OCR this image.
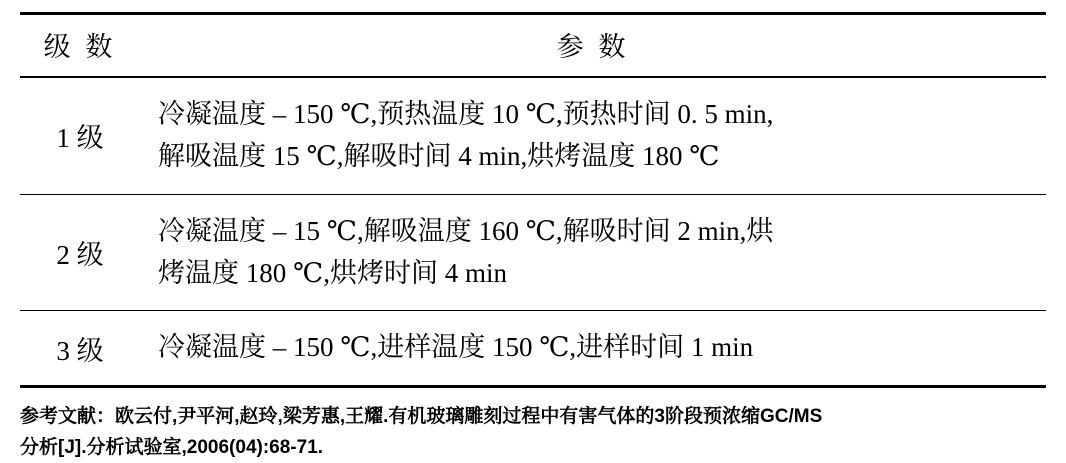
级 数	参 数
1 级	冷凝温度 – 150 ℃,预热温度 10 ℃,预热时间 0. 5 min,
解吸温度 15 ℃,解吸时间 4 min,烘烤温度 180 ℃

2 级	冷凝温度 – 15 ℃,解吸温度 160 ℃,解吸时间 2 min,烘
烤温度 180 ℃,烘烤时间 4 min

3 级	冷凝温度 – 150 ℃,进样温度 150 ℃,进样时间 1 min

参考文献：欧云付,尹平河,赵玲,梁芳惠,王耀.有机玻璃雕刻过程中有害气体的3阶段预浓缩GC/MS
分析[J].分析试验室,2006(04):68-71.
